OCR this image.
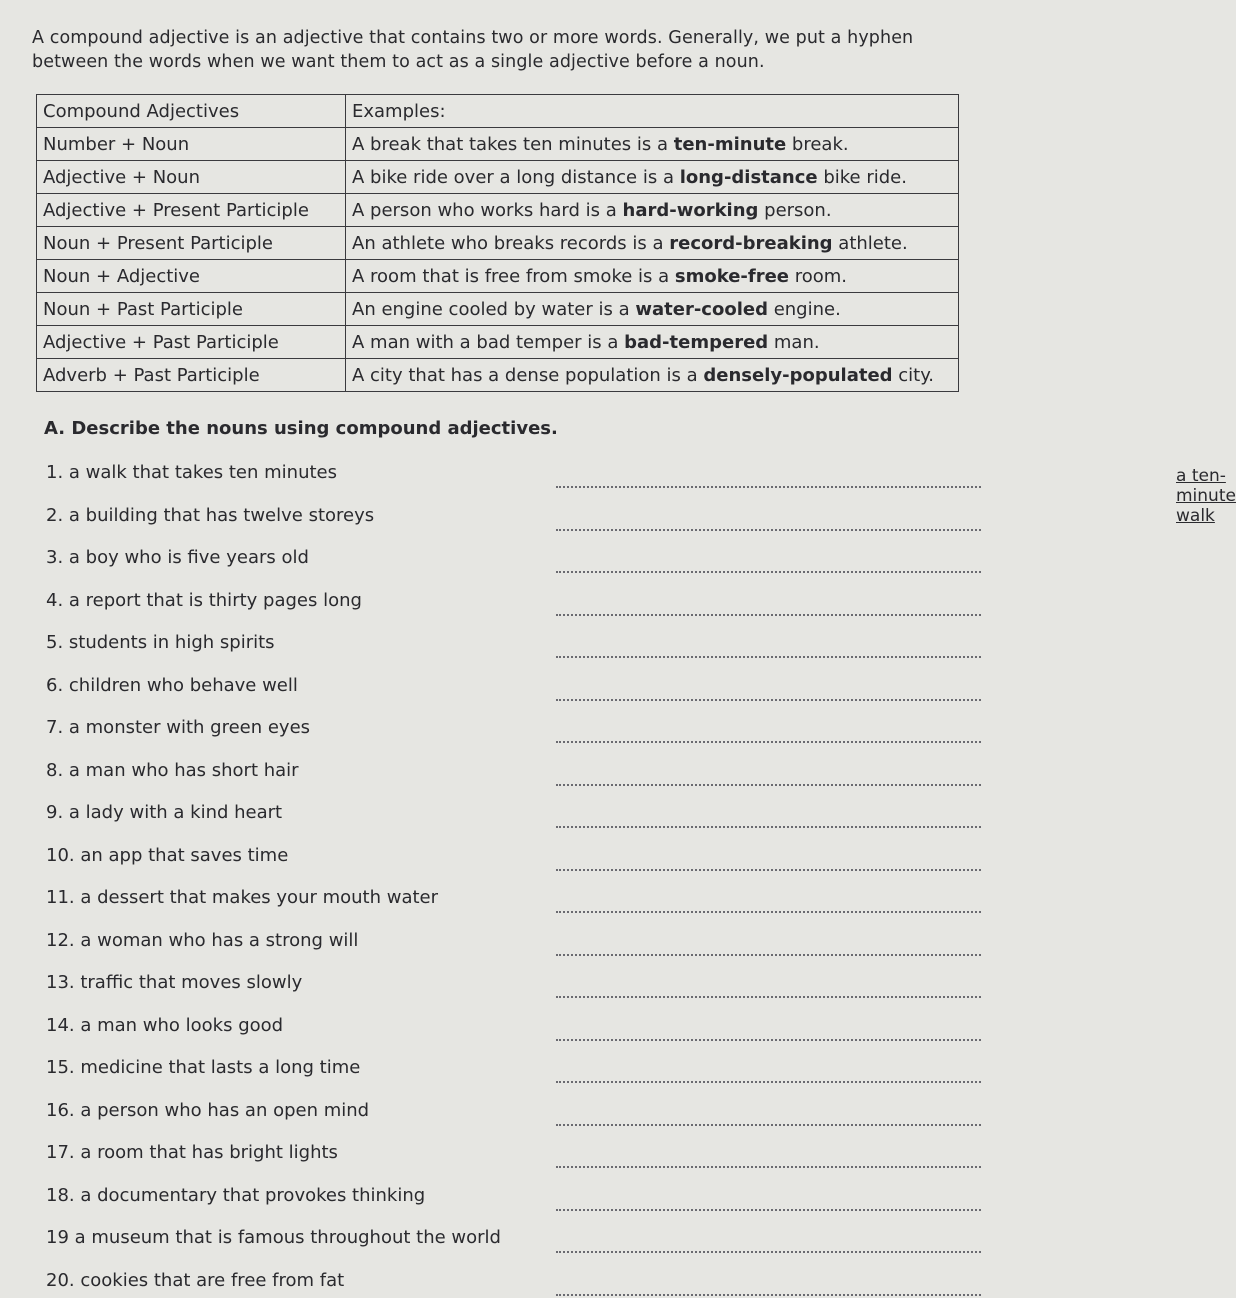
A compound adjective is an adjective that contains two or more words. Generally, we put a hyphen between the words when we want them to act as a single adjective before a noun.
Compound Adjectives	Examples:
Number + Noun	A break that takes ten minutes is a ten-minute break.
Adjective + Noun	A bike ride over a long distance is a long-distance bike ride.
Adjective + Present Participle	A person who works hard is a hard-working person.
Noun + Present Participle	An athlete who breaks records is a record-breaking athlete.
Noun + Adjective	A room that is free from smoke is a smoke-free room.
Noun + Past Participle	An engine cooled by water is a water-cooled engine.
Adjective + Past Participle	A man with a bad temper is a bad-tempered man.
Adverb + Past Participle	A city that has a dense population is a densely-populated city.
A. Describe the nouns using compound adjectives.
1. a walk that takes ten minutes	a ten-minute walk
2. a building that has twelve storeys
3. a boy who is five years old
4. a report that is thirty pages long
5. students in high spirits
6. children who behave well
7. a monster with green eyes
8. a man who has short hair
9. a lady with a kind heart
10. an app that saves time
11. a dessert that makes your mouth water
12. a woman who has a strong will
13. traffic that moves slowly
14. a man who looks good
15. medicine that lasts a long time
16. a person who has an open mind
17. a room that has bright lights
18. a documentary that provokes thinking
19 a museum that is famous throughout the world
20. cookies that are free from fat
